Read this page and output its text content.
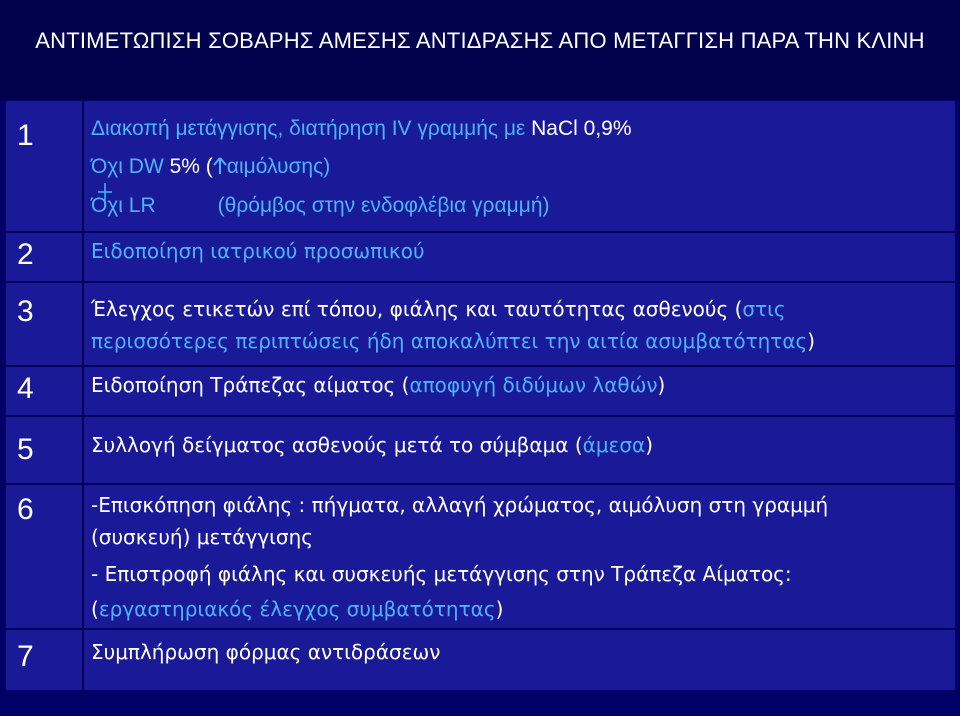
ΑΝΤΙΜΕΤΩΠΙΣΗ ΣΟΒΑΡΗΣ ΑΜΕΣΗΣ ΑΝΤΙΔΡΑΣΗΣ ΑΠΟ ΜΕΤΑΓΓΙΣΗ ΠΑΡΑ ΤΗΝ ΚΛΙΝΗ
1	Διακοπή μετάγγισης, διατήρηση IV γραμμής με NaCl 0,9%
Όχι DW 5% ( αιμόλυσης)
Όχι LR	(θρόμβος στην ενδοφλέβια γραμμή)
2	Ειδοποίηση ιατρικού προσωπικού
3	Έλεγχος ετικετών επί τόπου, φιάλης και ταυτότητας ασθενούς (στις
περισσότερες περιπτώσεις ήδη αποκαλύπτει την αιτία ασυμβατότητας)
4	Ειδοποίηση Τράπεζας αίματος (αποφυγή διδύμων λαθών)
5	Συλλογή δείγματος ασθενούς μετά το σύμβαμα (άμεσα)
6	-Επισκόπηση φιάλης : πήγματα, αλλαγή χρώματος, αιμόλυση στη γραμμή
(συσκευή) μετάγγισης
- Επιστροφή φιάλης και συσκευής μετάγγισης στην Τράπεζα Αίματος:
(εργαστηριακός έλεγχος συμβατότητας)
7	Συμπλήρωση φόρμας αντιδράσεων
